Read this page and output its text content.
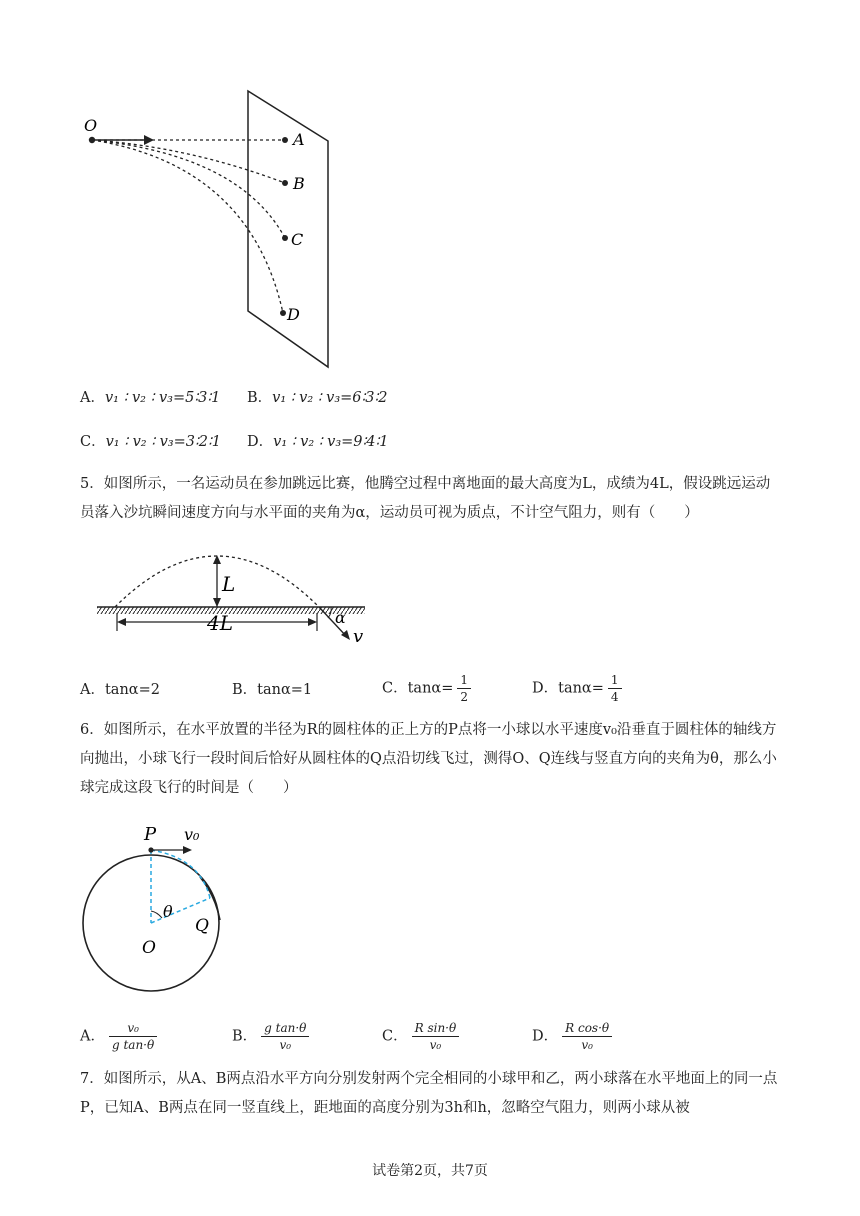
O
A
B
C
D
A．v₁ ∶ v₂ ∶ v₃=5∶3∶1 B．v₁ ∶ v₂ ∶ v₃=6∶3∶2
C．v₁ ∶ v₂ ∶ v₃=3∶2∶1 D．v₁ ∶ v₂ ∶ v₃=9∶4∶1
5．如图所示，一名运动员在参加跳远比赛，他腾空过程中离地面的最大高度为L，成绩为4L，假设跳远运动员落入沙坑瞬间速度方向与水平面的夹角为α，运动员可视为质点，不计空气阻力，则有（　　）
L
4L	α
v
A．tanα=2	B．tanα=1	C．$\tan\alpha= \frac{1}{2}$	D．$\tan\alpha= \frac{1}{4}$
6．如图所示，在水平放置的半径为R的圆柱体的正上方的P点将一小球以水平速度v₀沿垂直于圆柱体的轴线方向抛出，小球飞行一段时间后恰好从圆柱体的Q点沿切线飞过，测得O、Q连线与竖直方向的夹角为θ，那么小球完成这段飞行的时间是（　　）
P v₀
θ
Q
O
A． $\frac{\text{v₀}}{\text{g tan·θ}}$	B． $\frac{\text{g tan·θ}}{\text{v₀}}$	C． $\frac{\text{R sin·θ}}{\text{v₀}}$	D． $\frac{\text{R cos·θ}}{\text{v₀}}$
7．如图所示，从A、B两点沿水平方向分别发射两个完全相同的小球甲和乙，两小球落在水平地面上的同一点P，已知A、B两点在同一竖直线上，距地面的高度分别为3h和h，忽略空气阻力，则两小球从被
试卷第2页，共7页
